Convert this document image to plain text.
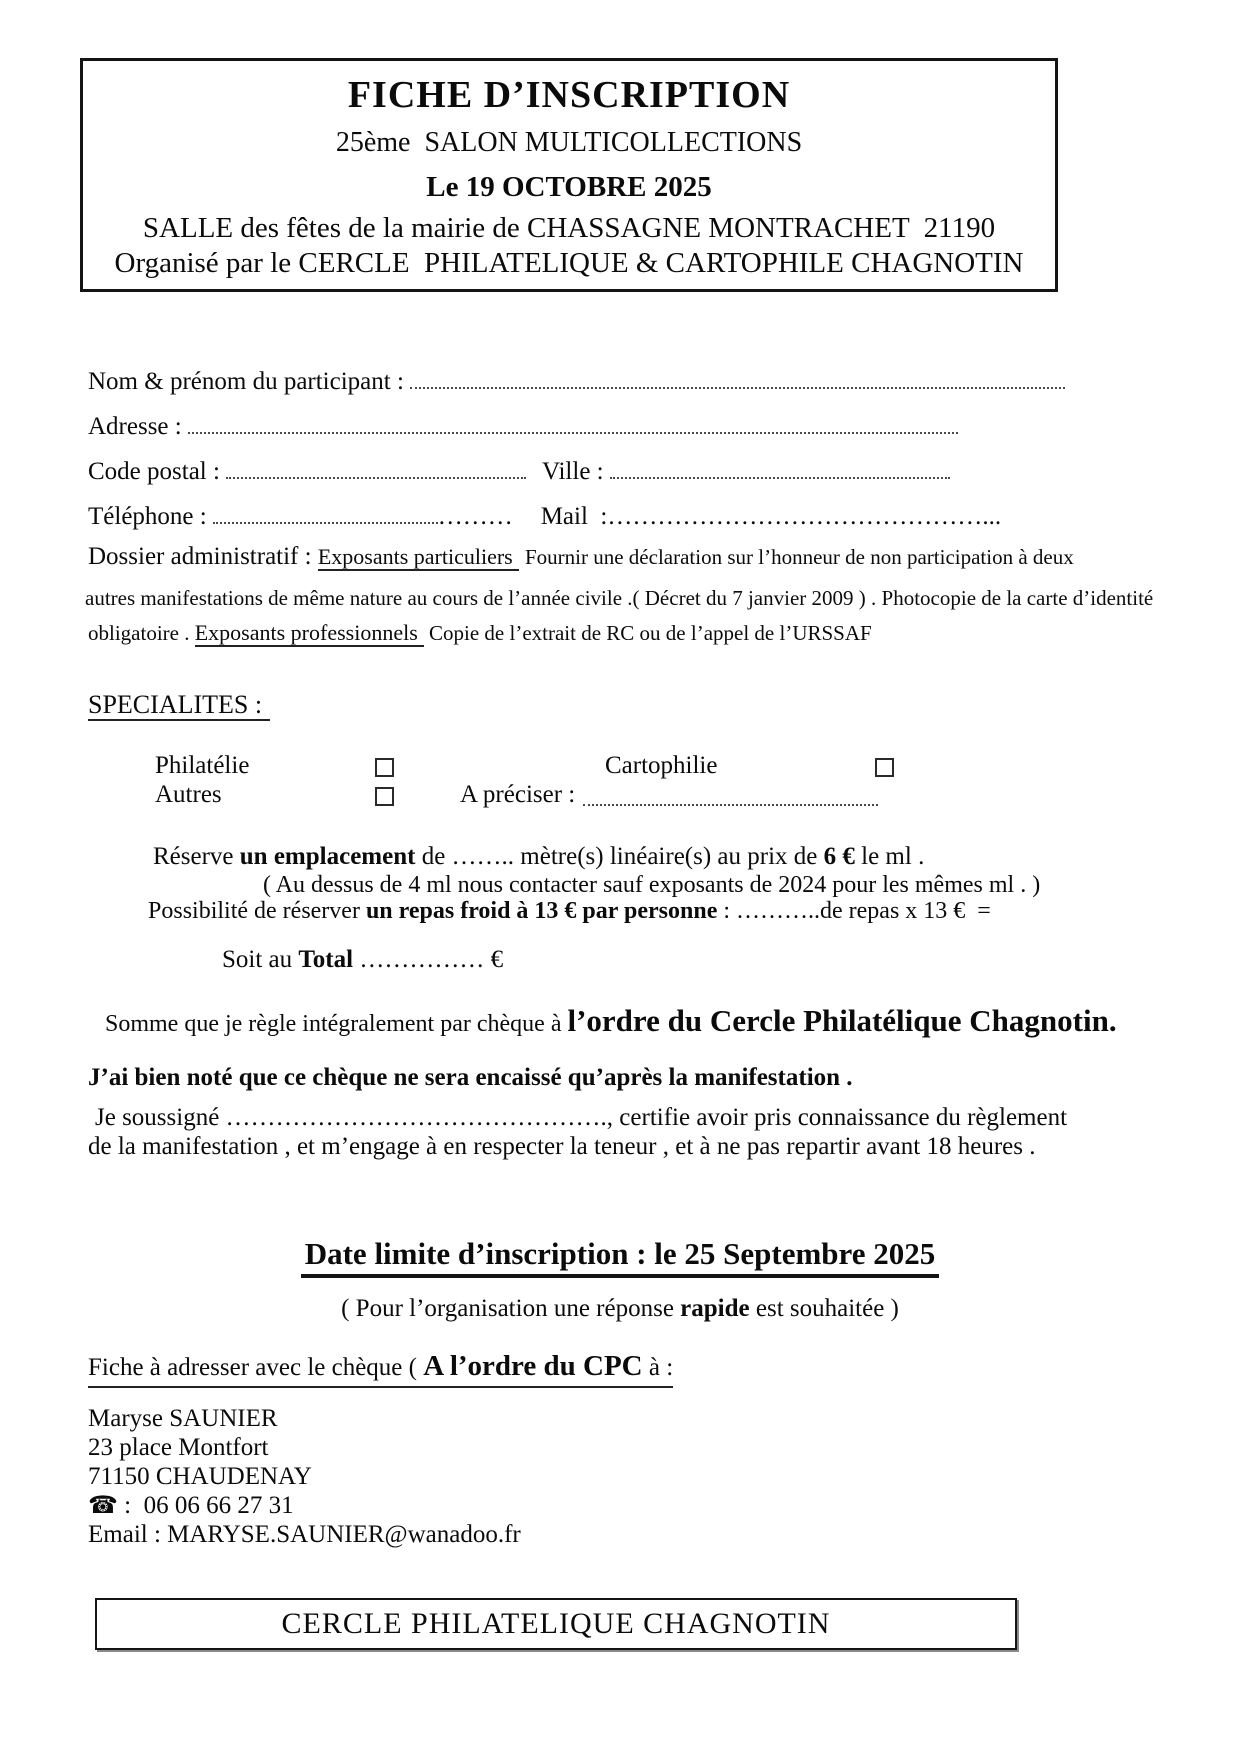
FICHE D’INSCRIPTION
25ème  SALON MULTICOLLECTIONS
Le 19 OCTOBRE 2025
SALLE des fêtes de la mairie de CHASSAGNE MONTRACHET  21190
Organisé par le CERCLE  PHILATELIQUE & CARTOPHILE CHAGNOTIN
Nom & prénom du participant :
Adresse :
Code postal :	Ville :
Téléphone :	……… Mail  : ………………………………………...
Dossier administratif : Exposants particuliers Fournir une déclaration sur l’honneur de non participation à deux
autres manifestations de même nature au cours de l’année civile .( Décret du 7 janvier 2009 ) . Photocopie de la carte d’identité
obligatoire . Exposants professionnels Copie de l’extrait de RC ou de l’appel de l’URSSAF
SPECIALITES :
Philatélie	Cartophilie
Autres	A préciser :
Réserve un emplacement de …….. mètre(s) linéaire(s) au prix de 6 € le ml .
( Au dessus de 4 ml nous contacter sauf exposants de 2024 pour les mêmes ml . )
Possibilité de réserver un repas froid à 13 € par personne : ………..de repas x 13 €  =
Soit au Total …………… €
Somme que je règle intégralement par chèque à l’ordre du Cercle Philatélique Chagnotin.
J’ai bien noté que ce chèque ne sera encaissé qu’après la manifestation .
Je soussigné ………………………………………., certifie avoir pris connaissance du règlement
de la manifestation , et m’engage à en respecter la teneur , et à ne pas repartir avant 18 heures .
Date limite d’inscription : le 25 Septembre 2025
( Pour l’organisation une réponse rapide est souhaitée )
Fiche à adresser avec le chèque ( A l’ordre du CPC à :
Maryse SAUNIER
23 place Montfort
71150 CHAUDENAY
☎ :  06 06 66 27 31
Email : MARYSE.SAUNIER@wanadoo.fr
CERCLE PHILATELIQUE CHAGNOTIN
